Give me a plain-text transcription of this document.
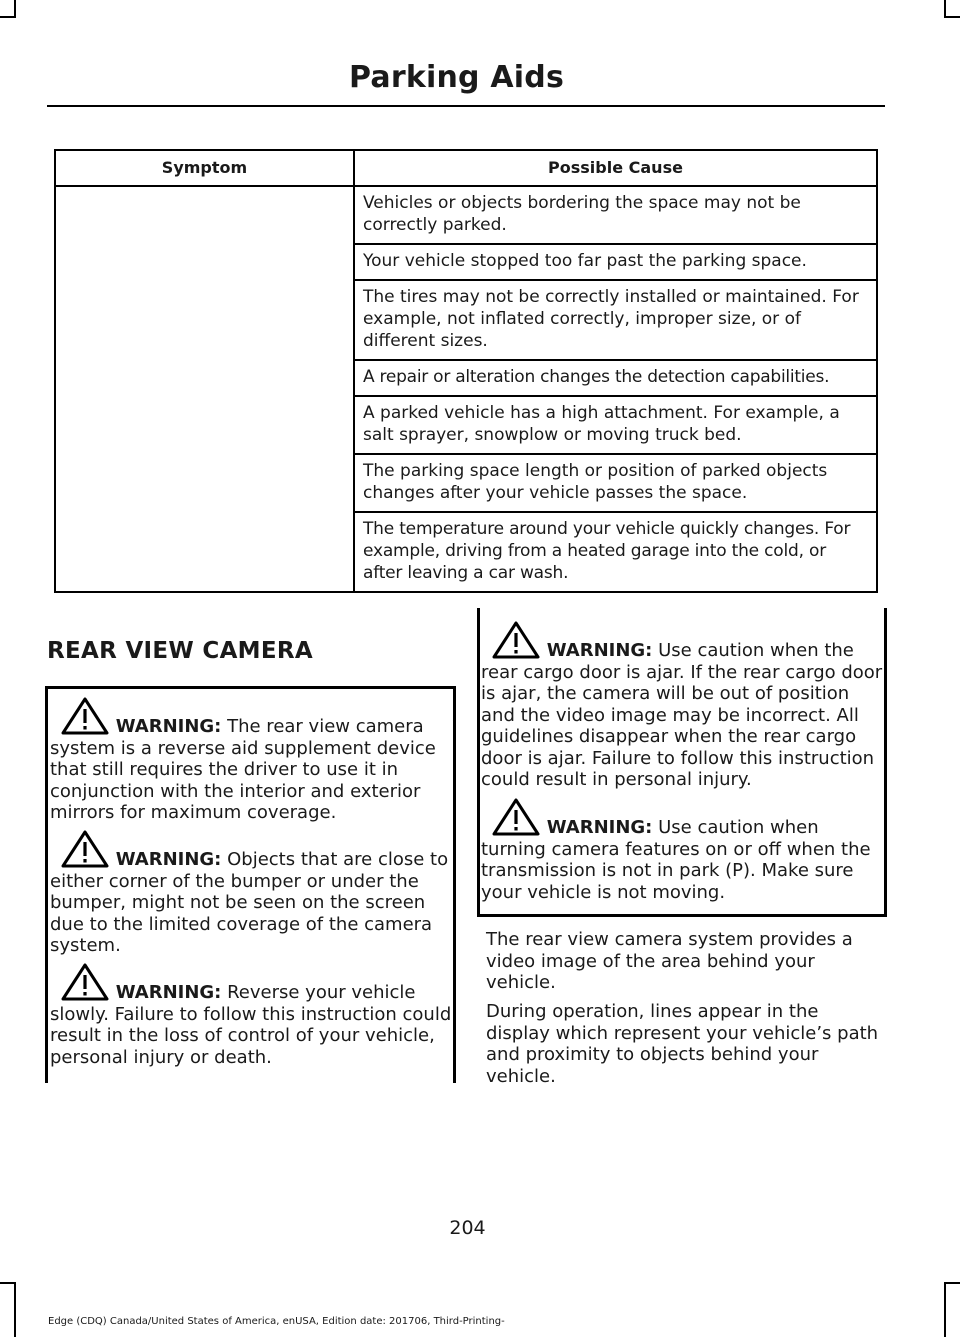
Parking Aids
Symptom	Possible Cause
	Vehicles or objects bordering the space may not be correctly parked.
	Your vehicle stopped too far past the parking space.
	The tires may not be correctly installed or maintained. For example, not inflated correctly, improper size, or of different sizes.
	A repair or alteration changes the detection capabilities.
	A parked vehicle has a high attachment. For example, a salt sprayer, snowplow or moving truck bed.
	The parking space length or position of parked objects changes after your vehicle passes the space.
	The temperature around your vehicle quickly changes. For example, driving from a heated garage into the cold, or after leaving a car wash.
REAR VIEW CAMERA
WARNING: The rear view camera system is a reverse aid supplement device that still requires the driver to use it in conjunction with the interior and exterior mirrors for maximum coverage.
WARNING: Objects that are close to either corner of the bumper or under the bumper, might not be seen on the screen due to the limited coverage of the camera system.
WARNING: Reverse your vehicle slowly. Failure to follow this instruction could result in the loss of control of your vehicle, personal injury or death.
WARNING: Use caution when the rear cargo door is ajar. If the rear cargo door is ajar, the camera will be out of position and the video image may be incorrect. All guidelines disappear when the rear cargo door is ajar. Failure to follow this instruction could result in personal injury.
WARNING: Use caution when turning camera features on or off when the transmission is not in park (P). Make sure your vehicle is not moving.
The rear view camera system provides a video image of the area behind your vehicle.
During operation, lines appear in the display which represent your vehicle’s path and proximity to objects behind your vehicle.
204
Edge (CDQ) Canada/United States of America, enUSA, Edition date: 201706, Third-Printing-
